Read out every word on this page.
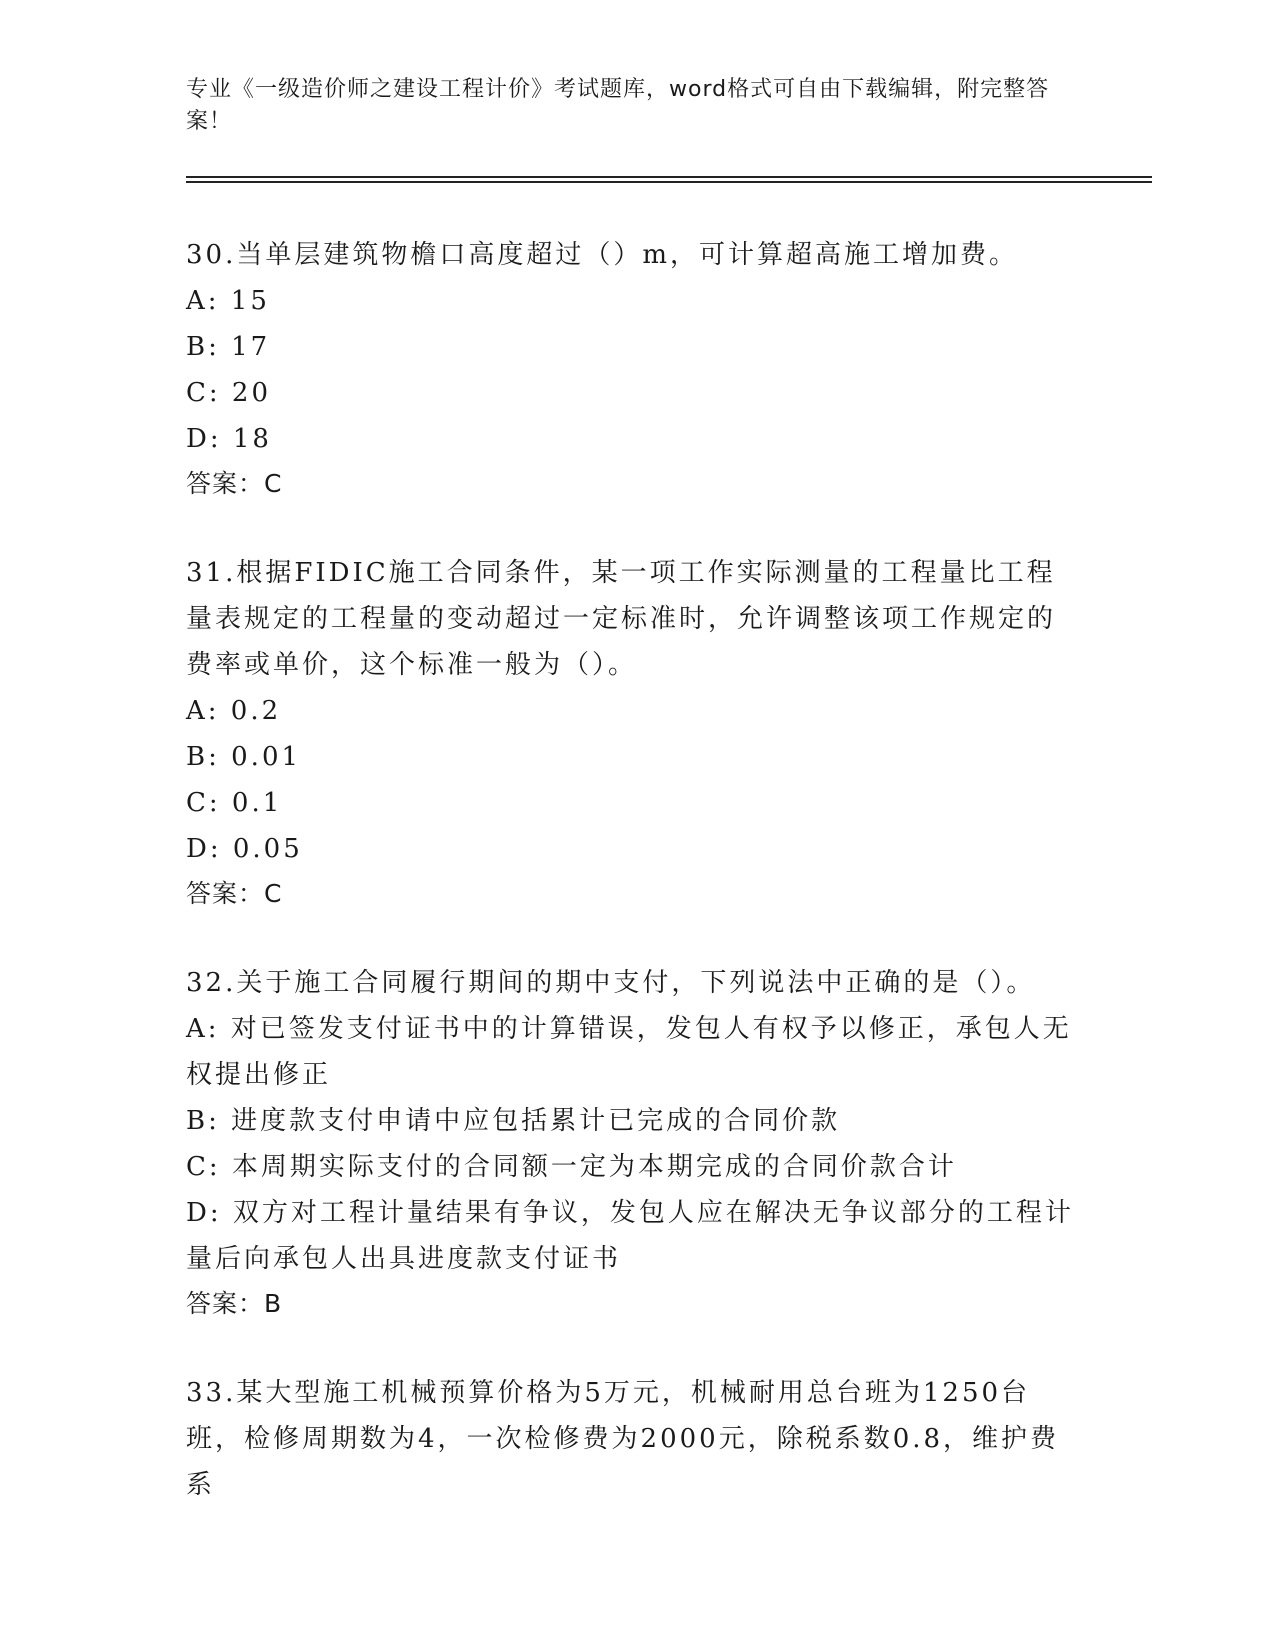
专业《一级造价师之建设工程计价》考试题库，word格式可自由下载编辑，附完整答案！
30.当单层建筑物檐口高度超过（）m，可计算超高施工增加费。
A: 15
B: 17
C: 20
D: 18
答案：C
31.根据FIDIC施工合同条件，某一项工作实际测量的工程量比工程量表规定的工程量的变动超过一定标准时，允许调整该项工作规定的费率或单价，这个标准一般为（）。
A: 0.2
B: 0.01
C: 0.1
D: 0.05
答案：C
32.关于施工合同履行期间的期中支付，下列说法中正确的是（）。
A: 对已签发支付证书中的计算错误，发包人有权予以修正，承包人无权提出修正
B: 进度款支付申请中应包括累计已完成的合同价款
C: 本周期实际支付的合同额一定为本期完成的合同价款合计
D: 双方对工程计量结果有争议，发包人应在解决无争议部分的工程计量后向承包人出具进度款支付证书
答案：B
33.某大型施工机械预算价格为5万元，机械耐用总台班为1250台班，检修周期数为4，一次检修费为2000元，除税系数0.8，维护费系
